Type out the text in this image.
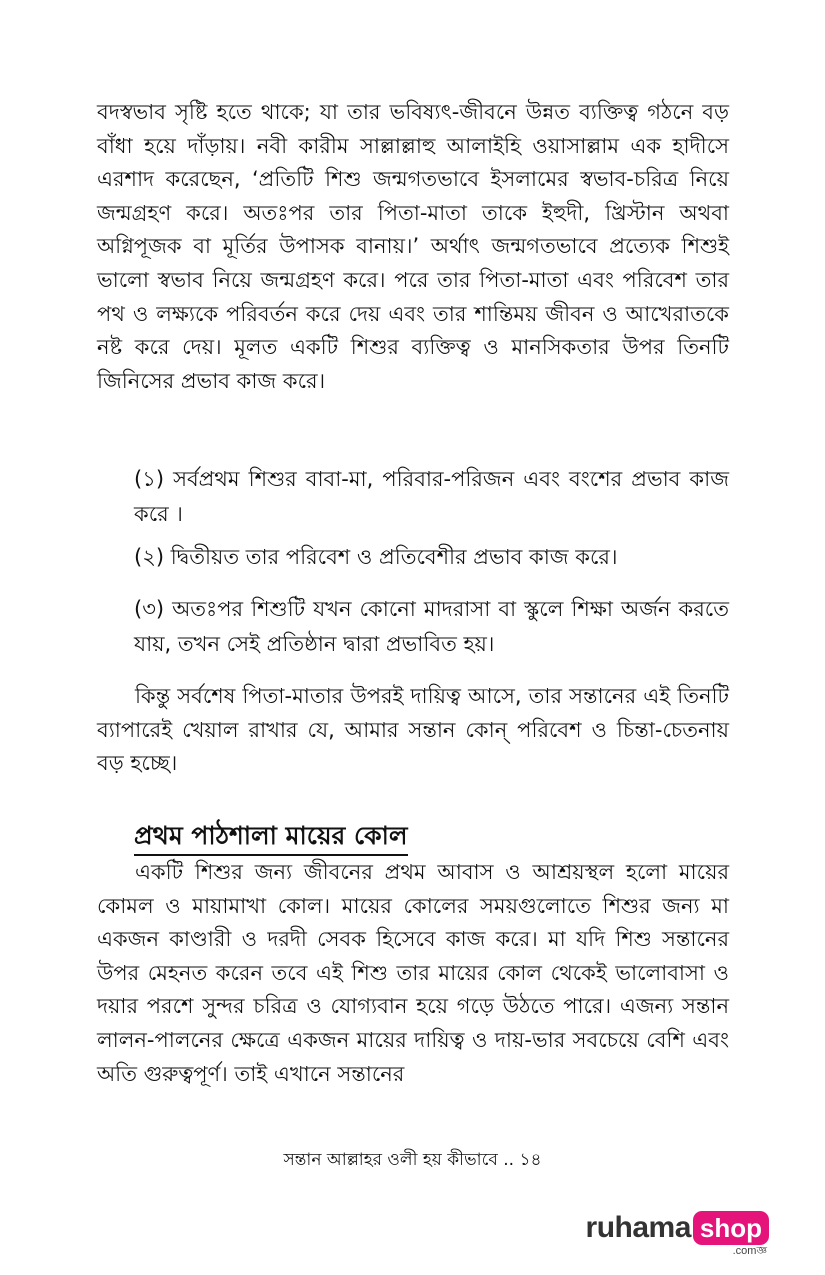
বদস্বভাব সৃষ্টি হতে থাকে; যা তার ভবিষ্যৎ-জীবনে উন্নত ব্যক্তিত্ব গঠনে বড় বাঁধা হয়ে দাঁড়ায়। নবী কারীম সাল্লাল্লাহু আলাইহি ওয়াসাল্লাম এক হাদীসে এরশাদ করেছেন, ‘প্রতিটি শিশু জন্মগতভাবে ইসলামের স্বভাব-চরিত্র নিয়ে জন্মগ্রহণ করে। অতঃপর তার পিতা-মাতা তাকে ইহুদী, খ্রিস্টান অথবা অগ্নিপূজক বা মূর্তির উপাসক বানায়।’ অর্থাৎ জন্মগতভাবে প্রত্যেক শিশুই ভালো স্বভাব নিয়ে জন্মগ্রহণ করে। পরে তার পিতা-মাতা এবং পরিবেশ তার পথ ও লক্ষ্যকে পরিবর্তন করে দেয় এবং তার শান্তিময় জীবন ও আখেরাতকে নষ্ট করে দেয়। মূলত একটি শিশুর ব্যক্তিত্ব ও মানসিকতার উপর তিনটি জিনিসের প্রভাব কাজ করে।
(১) সর্বপ্রথম শিশুর বাবা-মা, পরিবার-পরিজন এবং বংশের প্রভাব কাজ করে ।
(২) দ্বিতীয়ত তার পরিবেশ ও প্রতিবেশীর প্রভাব কাজ করে।
(৩) অতঃপর শিশুটি যখন কোনো মাদরাসা বা স্কুলে শিক্ষা অর্জন করতে যায়, তখন সেই প্রতিষ্ঠান দ্বারা প্রভাবিত হয়।
কিন্তু সর্বশেষ পিতা-মাতার উপরই দায়িত্ব আসে, তার সন্তানের এই তিনটি ব্যাপারেই খেয়াল রাখার যে, আমার সন্তান কোন্ পরিবেশ ও চিন্তা-চেতনায় বড় হচ্ছে।
প্রথম পাঠশালা মায়ের কোল
একটি শিশুর জন্য জীবনের প্রথম আবাস ও আশ্রয়স্থল হলো মায়ের কোমল ও মায়ামাখা কোল। মায়ের কোলের সময়গুলোতে শিশুর জন্য মা একজন কাণ্ডারী ও দরদী সেবক হিসেবে কাজ করে। মা যদি শিশু সন্তানের উপর মেহনত করেন তবে এই শিশু তার মায়ের কোল থেকেই ভালোবাসা ও দয়ার পরশে সুন্দর চরিত্র ও যোগ্যবান হয়ে গড়ে উঠতে পারে। এজন্য সন্তান লালন-পালনের ক্ষেত্রে একজন মায়ের দায়িত্ব ও দায়-ভার সবচেয়ে বেশি এবং অতি গুরুত্বপূর্ণ। তাই এখানে সন্তানের
সন্তান আল্লাহর ওলী হয় কীভাবে .. ১৪
ruhama shop
.comজ্ঞ
